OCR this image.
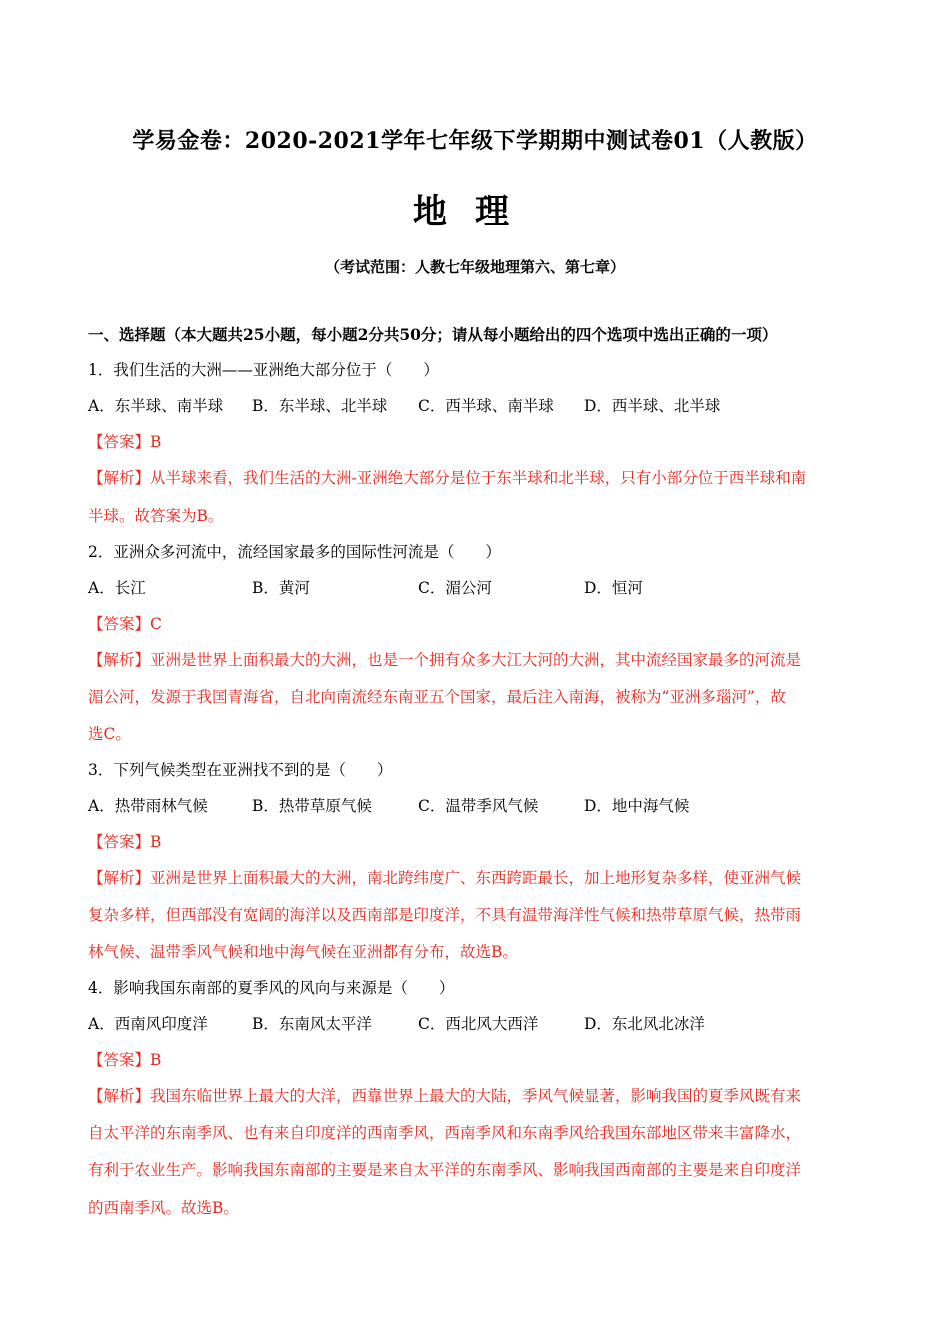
学易金卷：2020-2021学年七年级下学期期中测试卷01（人教版）
地理
（考试范围：人教七年级地理第六、第七章）
一、选择题（本大题共25小题，每小题2分共50分；请从每小题给出的四个选项中选出正确的一项）
1．我们生活的大洲——亚洲绝大部分位于（　　）
A．东半球、南半球 B．东半球、北半球 C．西半球、南半球 D．西半球、北半球
【答案】B
【解析】从半球来看，我们生活的大洲-亚洲绝大部分是位于东半球和北半球，只有小部分位于西半球和南
半球。故答案为B。
2．亚洲众多河流中，流经国家最多的国际性河流是（　　）
A．长江	B．黄河	C．湄公河	D．恒河
【答案】C
【解析】亚洲是世界上面积最大的大洲，也是一个拥有众多大江大河的大洲，其中流经国家最多的河流是
湄公河，发源于我国青海省，自北向南流经东南亚五个国家，最后注入南海，被称为“亚洲多瑙河”，故
选C。
3．下列气候类型在亚洲找不到的是（　　）
A．热带雨林气候	B．热带草原气候	C．温带季风气候	D．地中海气候
【答案】B
【解析】亚洲是世界上面积最大的大洲，南北跨纬度广、东西跨距最长，加上地形复杂多样，使亚洲气候
复杂多样，但西部没有宽阔的海洋以及西南部是印度洋，不具有温带海洋性气候和热带草原气候，热带雨
林气候、温带季风气候和地中海气候在亚洲都有分布，故选B。
4．影响我国东南部的夏季风的风向与来源是（　　）
A．西南风印度洋	B．东南风太平洋	C．西北风大西洋	D．东北风北冰洋
【答案】B
【解析】我国东临世界上最大的大洋，西靠世界上最大的大陆，季风气候显著，影响我国的夏季风既有来
自太平洋的东南季风、也有来自印度洋的西南季风，西南季风和东南季风给我国东部地区带来丰富降水，
有利于农业生产。影响我国东南部的主要是来自太平洋的东南季风、影响我国西南部的主要是来自印度洋
的西南季风。故选B。
